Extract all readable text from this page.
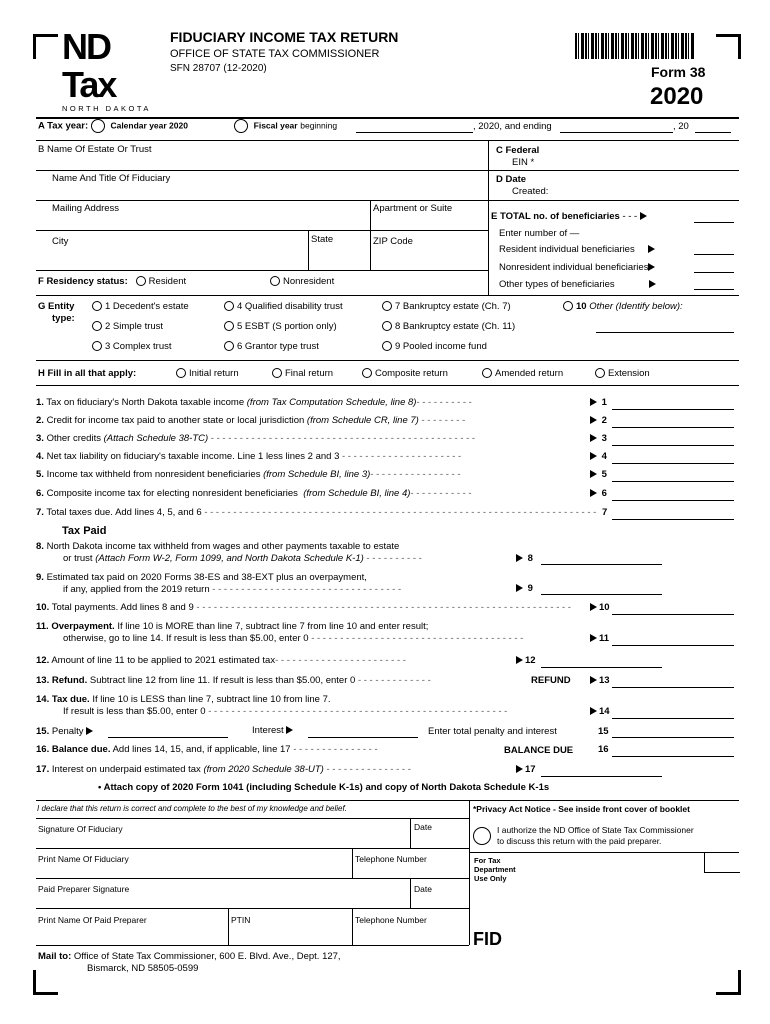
ND Tax
NORTH DAKOTA
FIDUCIARY INCOME TAX RETURN
OFFICE OF STATE TAX COMMISSIONER
SFN 28707 (12-2020)	Form 38
2020
A Tax year:	Calendar year 2020	Fiscal year beginning	, 2020, and ending	, 20
B Name Of Estate Or Trust
Name And Title Of Fiduciary
Mailing Address	Apartment or Suite
City	State	ZIP Code
C Federal
EIN *
D Date
Created:
E TOTAL no. of beneficiaries - - -
Enter number of —
Resident individual beneficiaries
Nonresident individual beneficiaries
Other types of beneficiaries
F Residency status: Resident	Nonresident
G Entity
type:
1 Decedent's estate
2 Simple trust
3 Complex trust
4 Qualified disability trust
5 ESBT (S portion only)
6 Grantor type trust
7 Bankruptcy estate (Ch. 7)
8 Bankruptcy estate (Ch. 11)
9 Pooled income fund
10 Other (Identify below):
H Fill in all that apply:	Initial return	Final return	Composite return	Amended return	Extension
1. Tax on fiduciary's North Dakota taxable income (from Tax Computation Schedule, line 8)- - - - - - - - - -	1
2. Credit for income tax paid to another state or local jurisdiction (from Schedule CR, line 7) - - - - - - - -	2
3. Other credits (Attach Schedule 38-TC) - - - - - - - - - - - - - - - - - - - - - - - - - - - - - - - - - - - - - - - - - - - - - -	3
4. Net tax liability on fiduciary's taxable income. Line 1 less lines 2 and 3 - - - - - - - - - - - - - - - - - - - - -	4
5. Income tax withheld from nonresident beneficiaries (from Schedule BI, line 3)- - - - - - - - - - - - - - - -	5
6. Composite income tax for electing nonresident beneficiaries (from Schedule BI, line 4)- - - - - - - - - - -	6
7. Total taxes due. Add lines 4, 5, and 6 - - - - - - - - - - - - - - - - - - - - - - - - - - - - - - - - - - - - - - - - - - - - - - - - - - - - - - - - - - - - - - - - - - - - 7
Tax Paid
8. North Dakota income tax withheld from wages and other payments taxable to estate
or trust (Attach Form W-2, Form 1099, and North Dakota Schedule K-1) - - - - - - - - - -	8
9. Estimated tax paid on 2020 Forms 38-ES and 38-EXT plus an overpayment,
if any, applied from the 2019 return - - - - - - - - - - - - - - - - - - - - - - - - - - - - - - - - -	9
10. Total payments. Add lines 8 and 9 - - - - - - - - - - - - - - - - - - - - - - - - - - - - - - - - - - - - - - - - - - - - - - - - - - - - - - - - - - - - - - - - -	10
11. Overpayment. If line 10 is MORE than line 7, subtract line 7 from line 10 and enter result;
otherwise, go to line 14. If result is less than $5.00, enter 0 - - - - - - - - - - - - - - - - - - - - - - - - - - - - - - - - - - - - -	11
12. Amount of line 11 to be applied to 2021 estimated tax- - - - - - - - - - - - - - - - - - - - - - -	12
13. Refund. Subtract line 12 from line 11. If result is less than $5.00, enter 0 - - - - - - - - - - - - -	REFUND	13
14. Tax due. If line 10 is LESS than line 7, subtract line 10 from line 7.
If result is less than $5.00, enter 0 - - - - - - - - - - - - - - - - - - - - - - - - - - - - - - - - - - - - - - - - - - - - - - - - - - - -	14
15. Penalty	Interest	Enter total penalty and interest	15
16. Balance due. Add lines 14, 15, and, if applicable, line 17 - - - - - - - - - - - - - - -	BALANCE DUE	16
17. Interest on underpaid estimated tax (from 2020 Schedule 38-UT) - - - - - - - - - - - - - - -	17
• Attach copy of 2020 Form 1041 (including Schedule K-1s) and copy of North Dakota Schedule K-1s
I declare that this return is correct and complete to the best of my knowledge and belief.	*Privacy Act Notice - See inside front cover of booklet
Signature Of Fiduciary	Date	I authorize the ND Office of State Tax Commissioner
to discuss this return with the paid preparer.
Print Name Of Fiduciary	Telephone Number	For Tax
Department
Use Only
Paid Preparer Signature	Date
Print Name Of Paid Preparer	PTIN	Telephone Number
FID
Mail to: Office of State Tax Commissioner, 600 E. Blvd. Ave., Dept. 127,
Bismarck, ND 58505-0599
